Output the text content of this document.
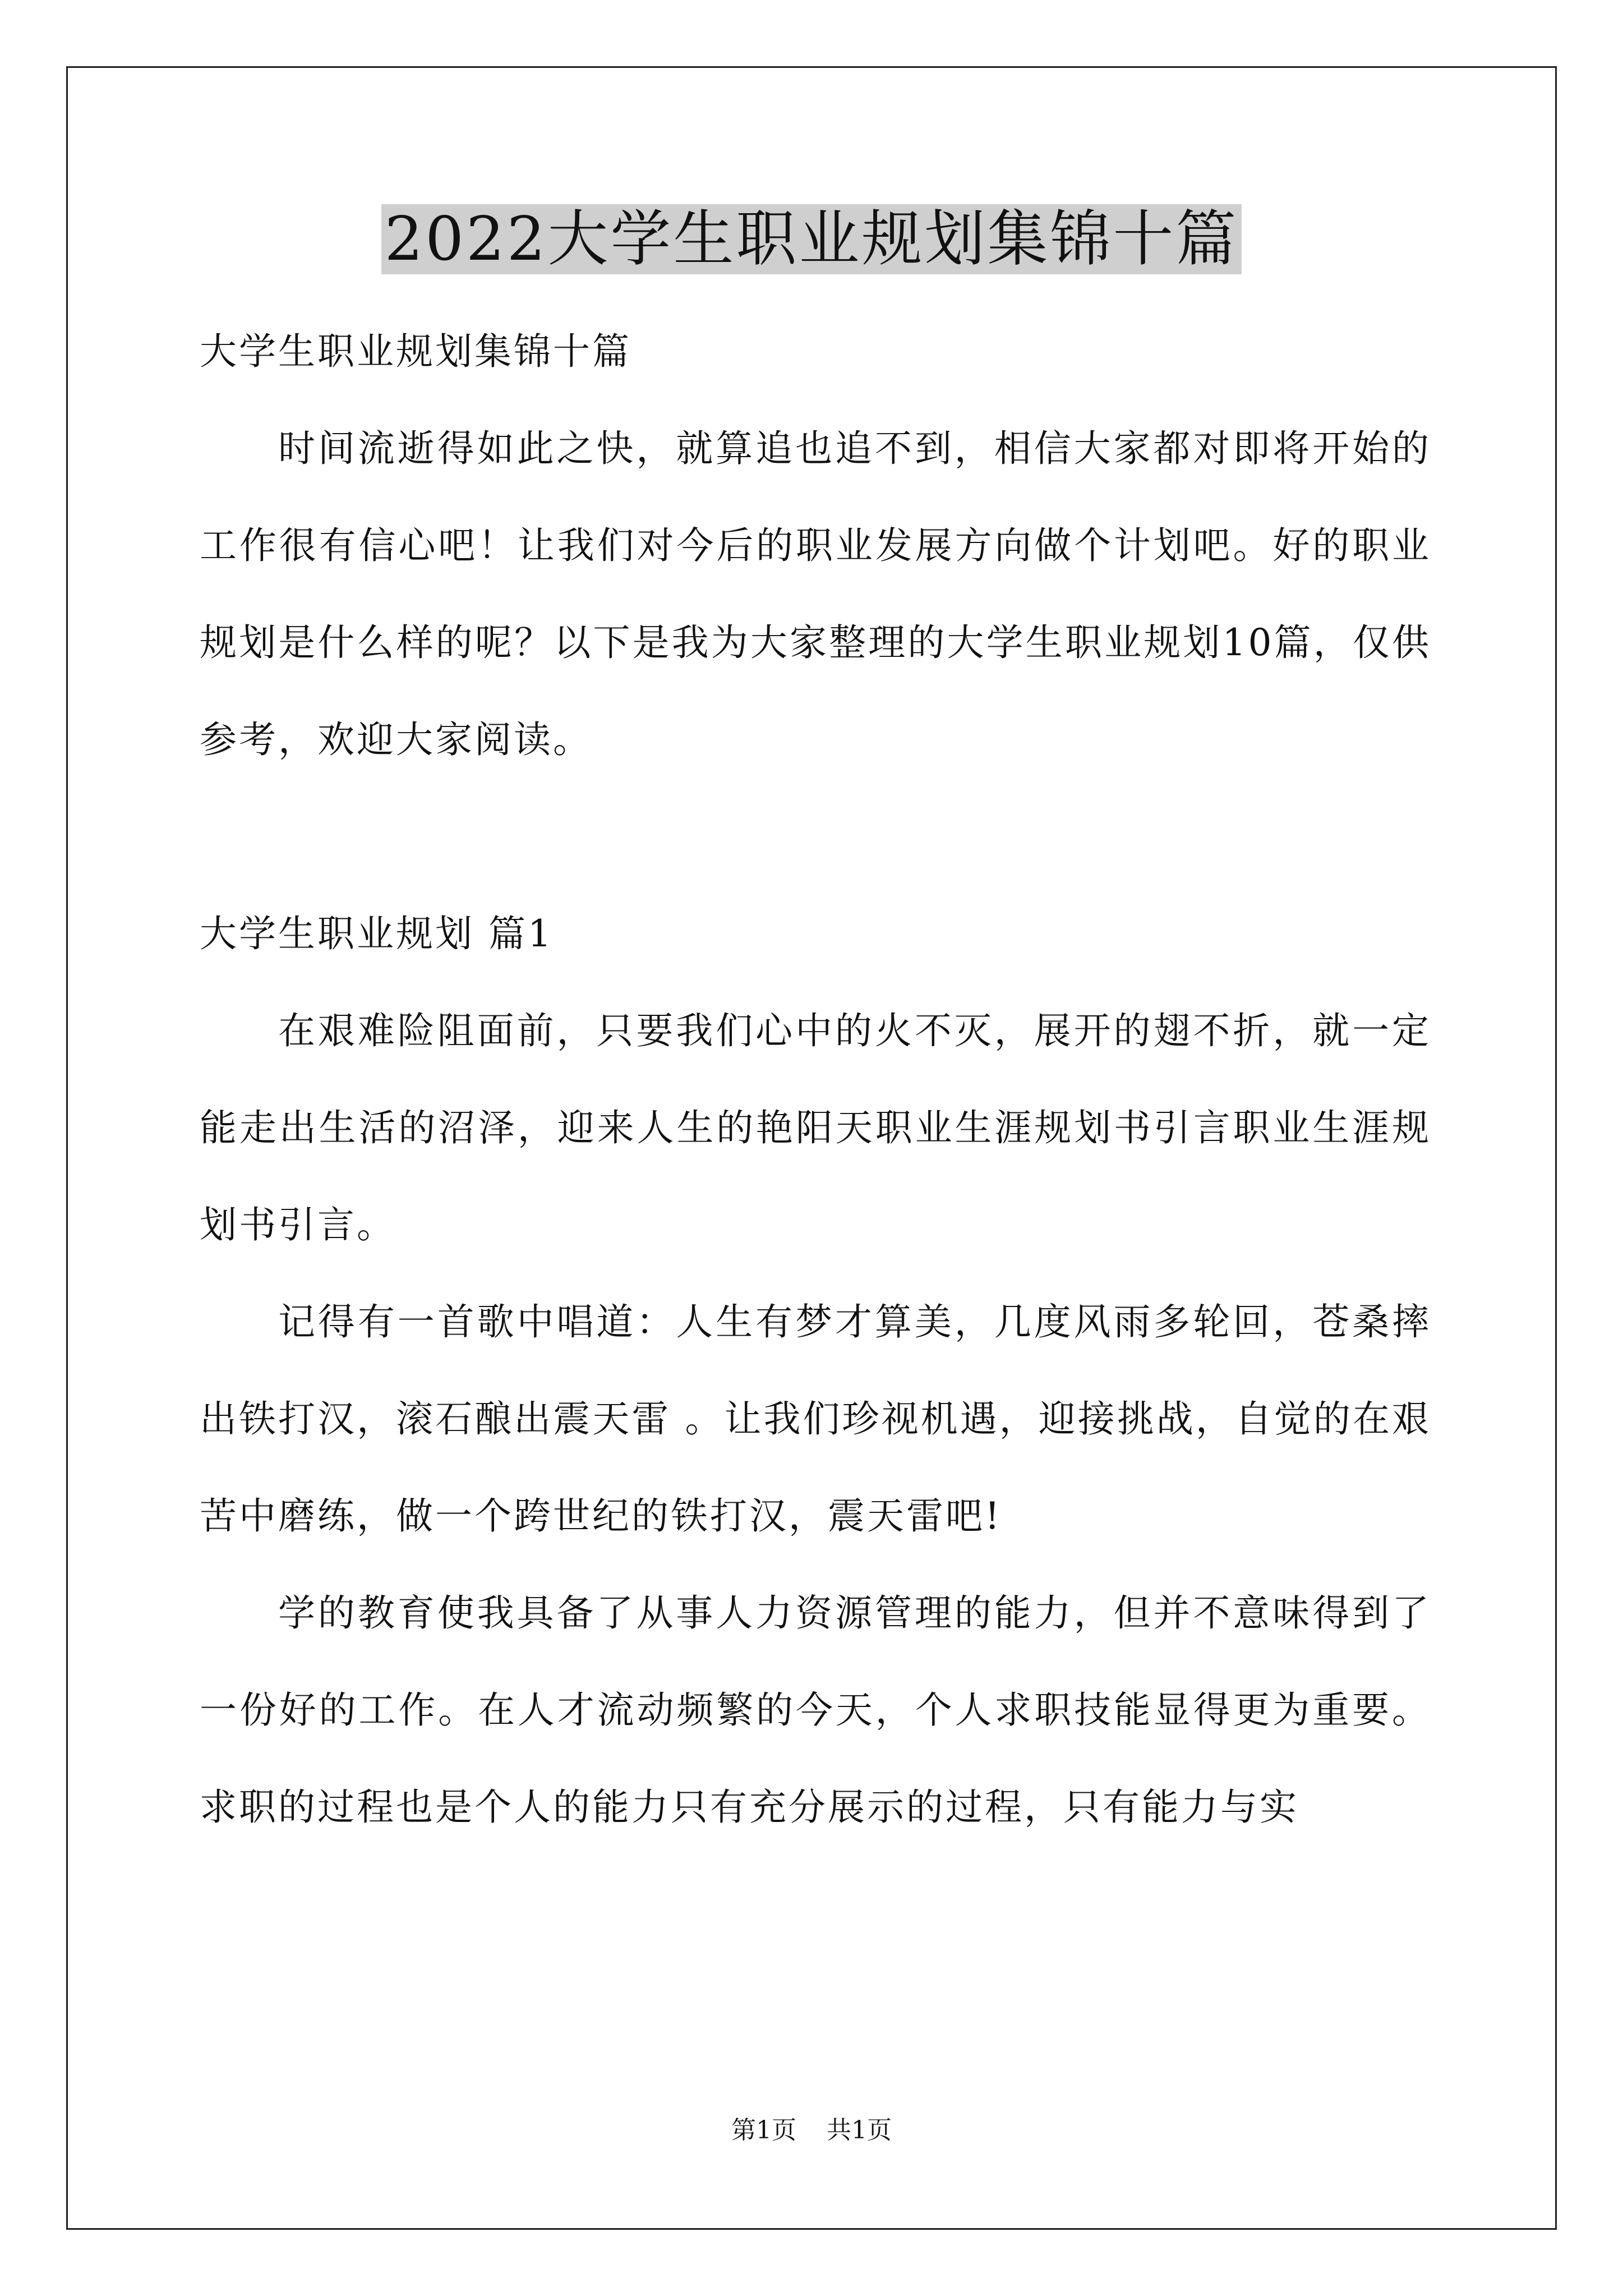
2022大学生职业规划集锦十篇

大学生职业规划集锦十篇

时间流逝得如此之快，就算追也追不到，相信大家都对即将开始的工作很有信心吧！让我们对今后的职业发展方向做个计划吧。好的职业规划是什么样的呢？以下是我为大家整理的大学生职业规划10篇，仅供参考，欢迎大家阅读。

大学生职业规划 篇1

在艰难险阻面前，只要我们心中的火不灭，展开的翅不折，就一定能走出生活的沼泽，迎来人生的艳阳天职业生涯规划书引言职业生涯规划书引言。

记得有一首歌中唱道：人生有梦才算美，几度风雨多轮回，苍桑摔出铁打汉，滚石酿出震天雷 。让我们珍视机遇，迎接挑战，自觉的在艰苦中磨练，做一个跨世纪的铁打汉，震天雷吧!

学的教育使我具备了从事人力资源管理的能力，但并不意味得到了一份好的工作。在人才流动频繁的今天，个人求职技能显得更为重要。求职的过程也是个人的能力只有充分展示的过程，只有能力与实

第1页 共1页
